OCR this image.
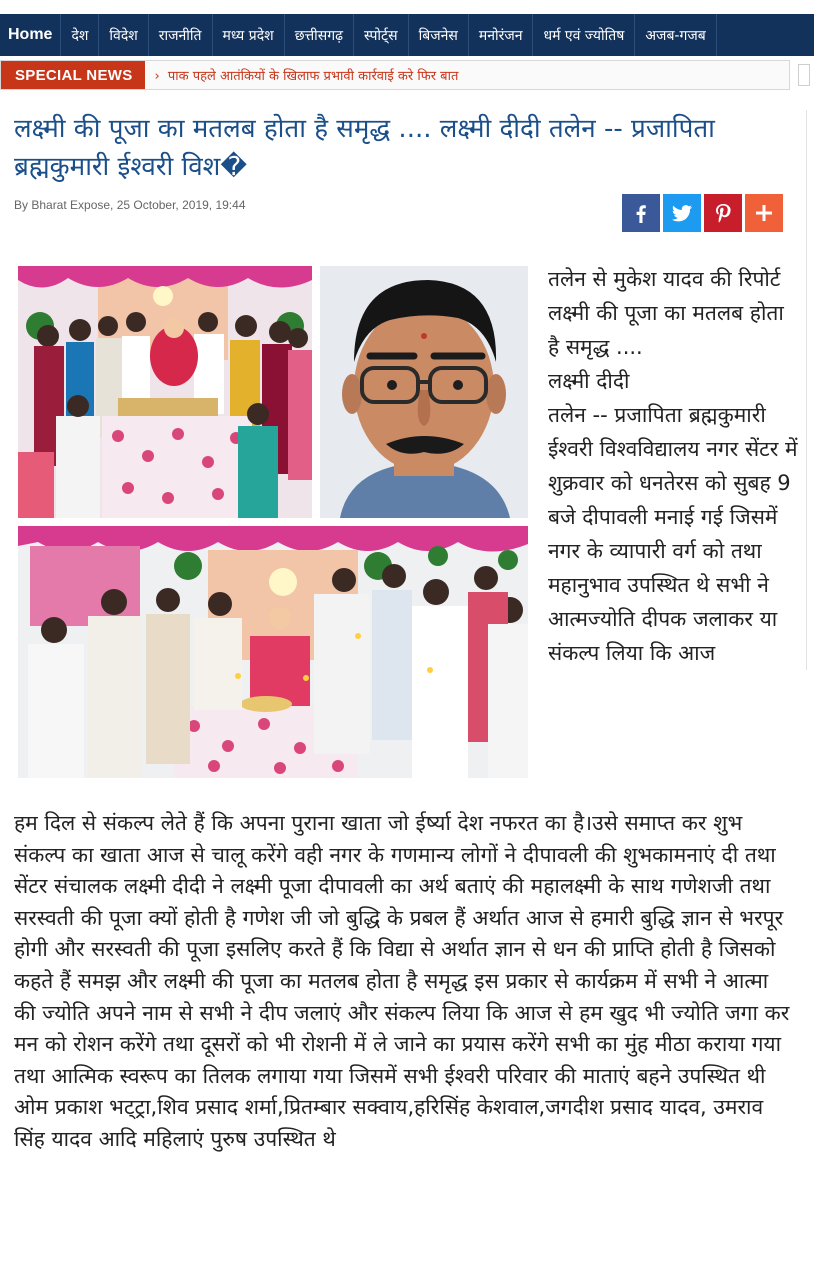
Home	देश	विदेश	राजनीति	मध्य प्रदेश	छत्तीसगढ़	स्पोर्ट्स	बिजनेस	मनोरंजन	धर्म एवं ज्योतिष	अजब-गजब
SPECIAL NEWS	› पाक पहले आतंकियों के खिलाफ प्रभावी कार्रवाई करे फिर बात
लक्ष्मी की पूजा का मतलब होता है समृद्ध .... लक्ष्मी दीदी तलेन -- प्रजापिता ब्रह्मकुमारी ईश्वरी विश�
By Bharat Expose, 25 October, 2019, 19:44
तलेन से मुकेश यादव की रिपोर्ट
लक्ष्मी की पूजा का मतलब होता है समृद्ध ....
लक्ष्मी दीदी
तलेन -- प्रजापिता ब्रह्मकुमारी ईश्वरी विश्वविद्यालय नगर सेंटर में शुक्रवार को धनतेरस को सुबह 9 बजे दीपावली मनाई गई जिसमें नगर के व्यापारी वर्ग को तथा महानुभाव उपस्थित थे सभी ने आत्मज्योति दीपक जलाकर या संकल्प लिया कि आज
हम दिल से संकल्प लेते हैं कि अपना पुराना खाता जो ईर्ष्या देश नफरत का है।उसे समाप्त कर शुभ संकल्प का खाता आज से चालू करेंगे वही नगर के गणमान्य लोगों ने दीपावली की शुभकामनाएं दी तथा सेंटर संचालक लक्ष्मी दीदी ने लक्ष्मी पूजा दीपावली का अर्थ बताएं की महालक्ष्मी के साथ गणेशजी तथा सरस्वती की पूजा क्यों होती है गणेश जी जो बुद्धि के प्रबल हैं अर्थात आज से हमारी बुद्धि ज्ञान से भरपूर होगी और सरस्वती की पूजा इसलिए करते हैं कि विद्या से अर्थात ज्ञान से धन की प्राप्ति होती है जिसको कहते हैं समझ और लक्ष्मी की पूजा का मतलब होता है समृद्ध इस प्रकार से कार्यक्रम में सभी ने आत्मा की ज्योति अपने नाम से सभी ने दीप जलाएं और संकल्प लिया कि आज से हम खुद भी ज्योति जगा कर मन को रोशन करेंगे तथा दूसरों को भी रोशनी में ले जाने का प्रयास करेंगे सभी का मुंह मीठा कराया गया तथा आत्मिक स्वरूप का तिलक लगाया गया जिसमें सभी ईश्वरी परिवार की माताएं बहने उपस्थित थी ओम प्रकाश भट्ट्रा,शिव प्रसाद शर्मा,प्रितम्बार सक्वाय,हरिसिंह केशवाल,जगदीश प्रसाद यादव, उमराव सिंह यादव आदि महिलाएं पुरुष उपस्थित थे
